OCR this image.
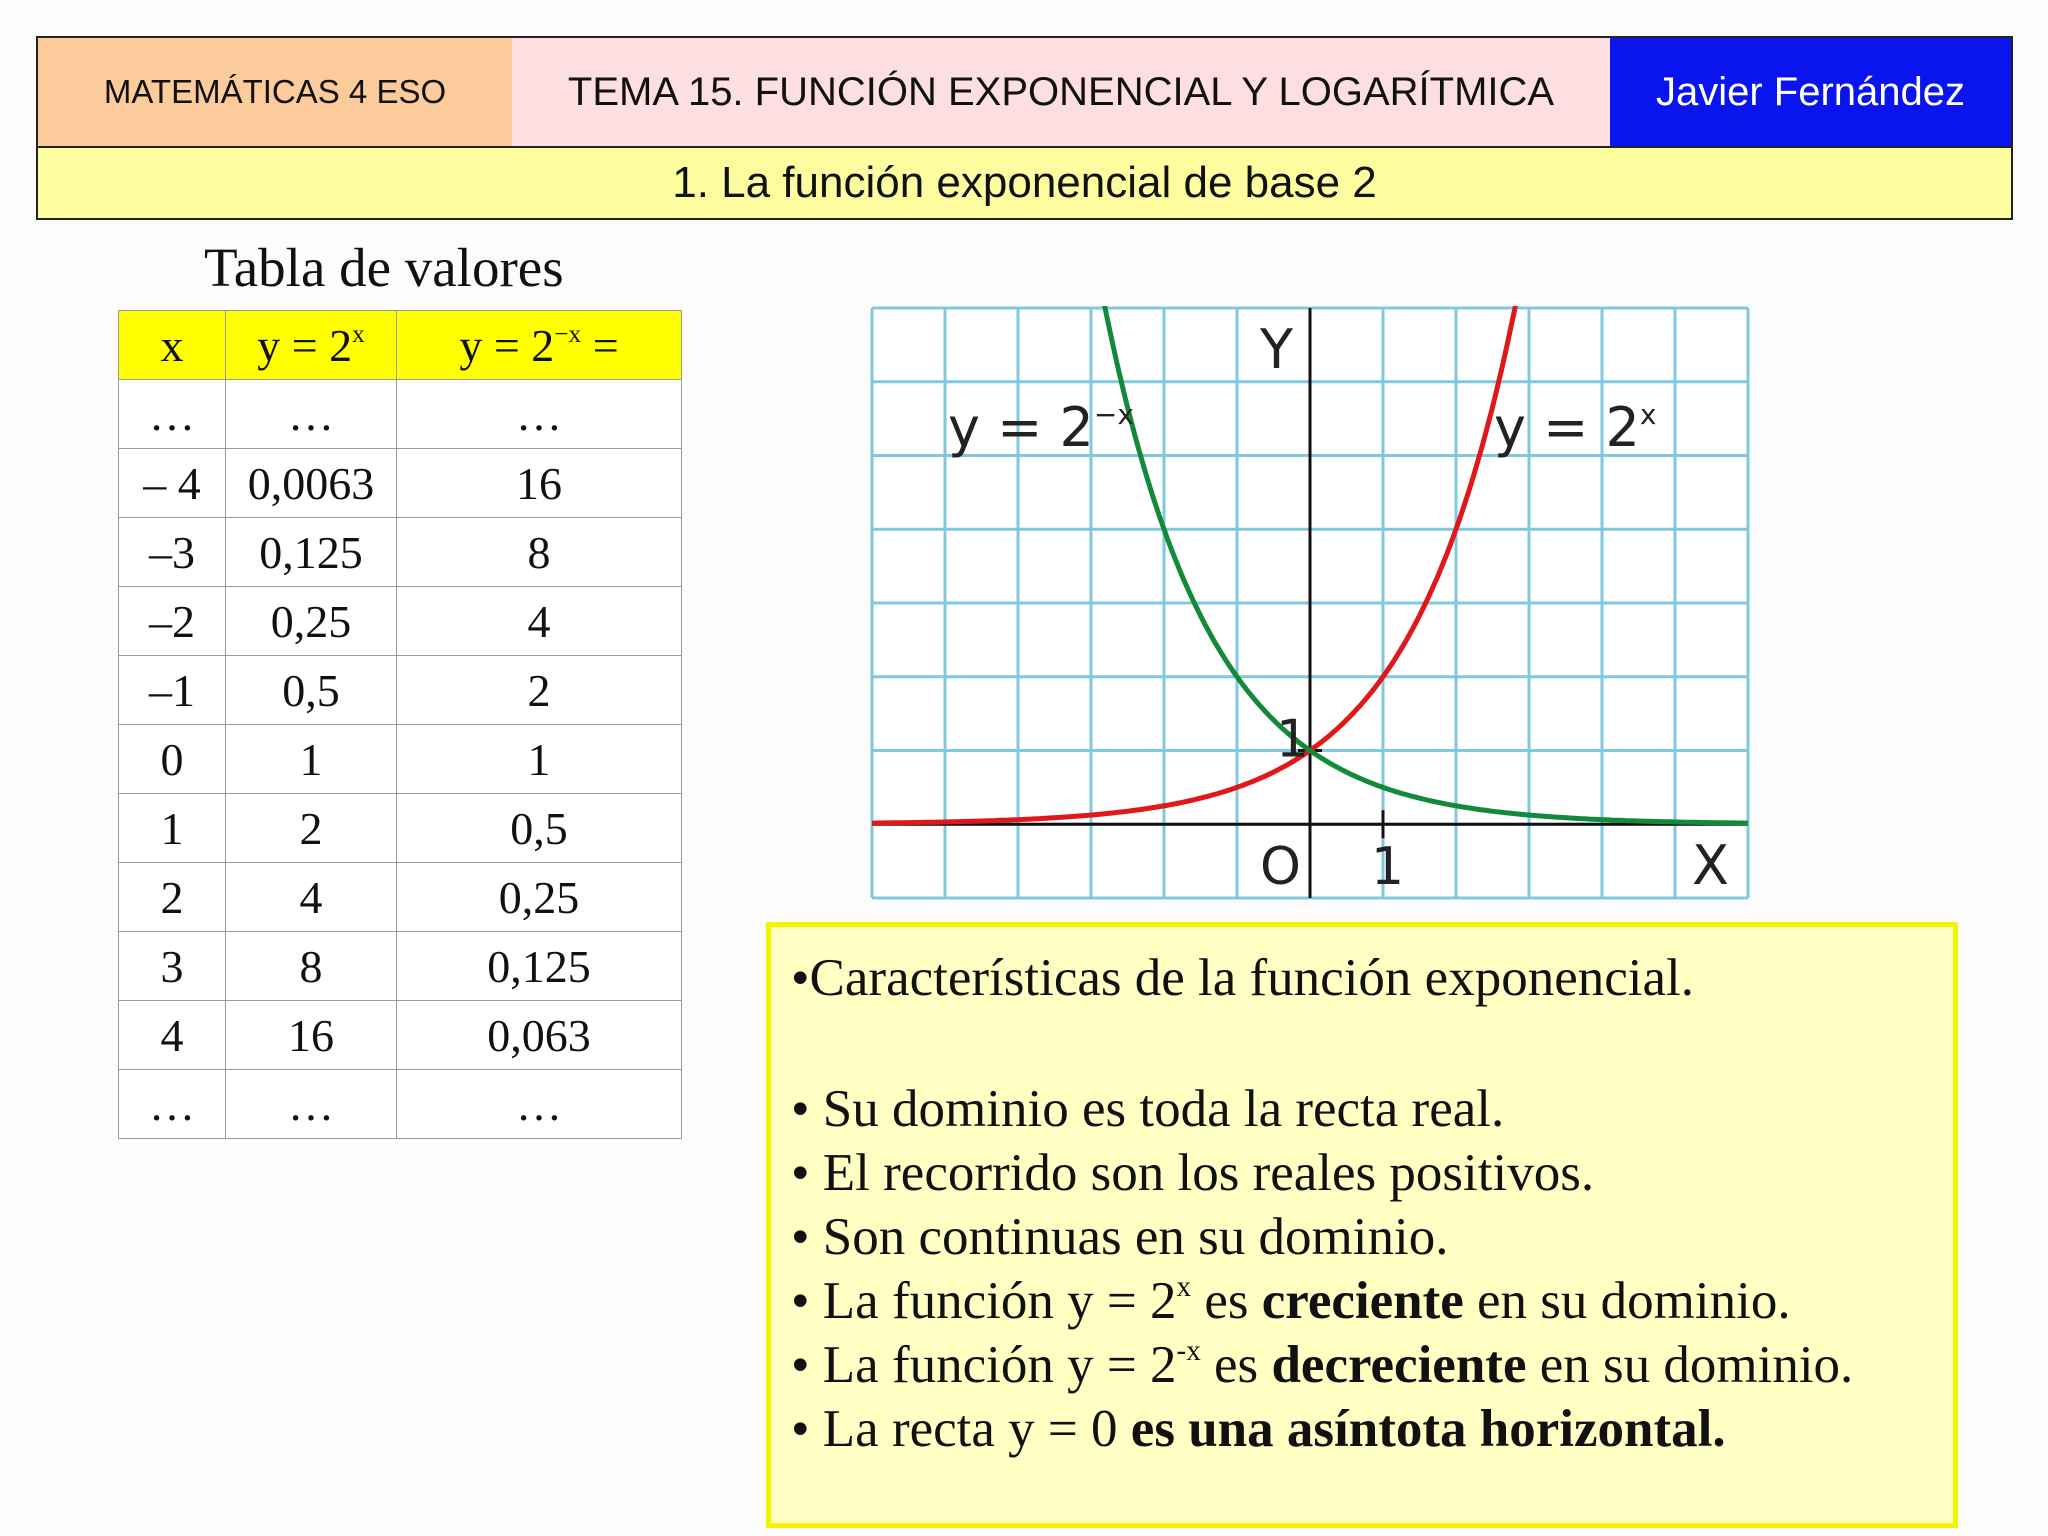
MATEMÁTICAS 4 ESO	TEMA 15. FUNCIÓN EXPONENCIAL Y LOGARÍTMICA	Javier Fernández
1. La función exponencial de base 2
Tabla de valores
x	$y = 2^x$	$y = 2^{-x}$ =
…	…	…
– 4	0,0063	16
–3	0,125	8
–2	0,25	4
–1	0,5	2
0	1	1
1	2	0,5
2	4	0,25
3	8	0,125
4	16	0,063
…	…	…
Y
X
O 1
1
$y = 2^{-x}$	$y = 2^x$
•Características de la función exponencial.
• Su dominio es toda la recta real.
• El recorrido son los reales positivos.
• Son continuas en su dominio.
• La función $y = 2^x$ es creciente en su dominio.
• La función $y = 2^{-x}$ es decreciente en su dominio.
• La recta y = 0 es una asíntota horizontal.
